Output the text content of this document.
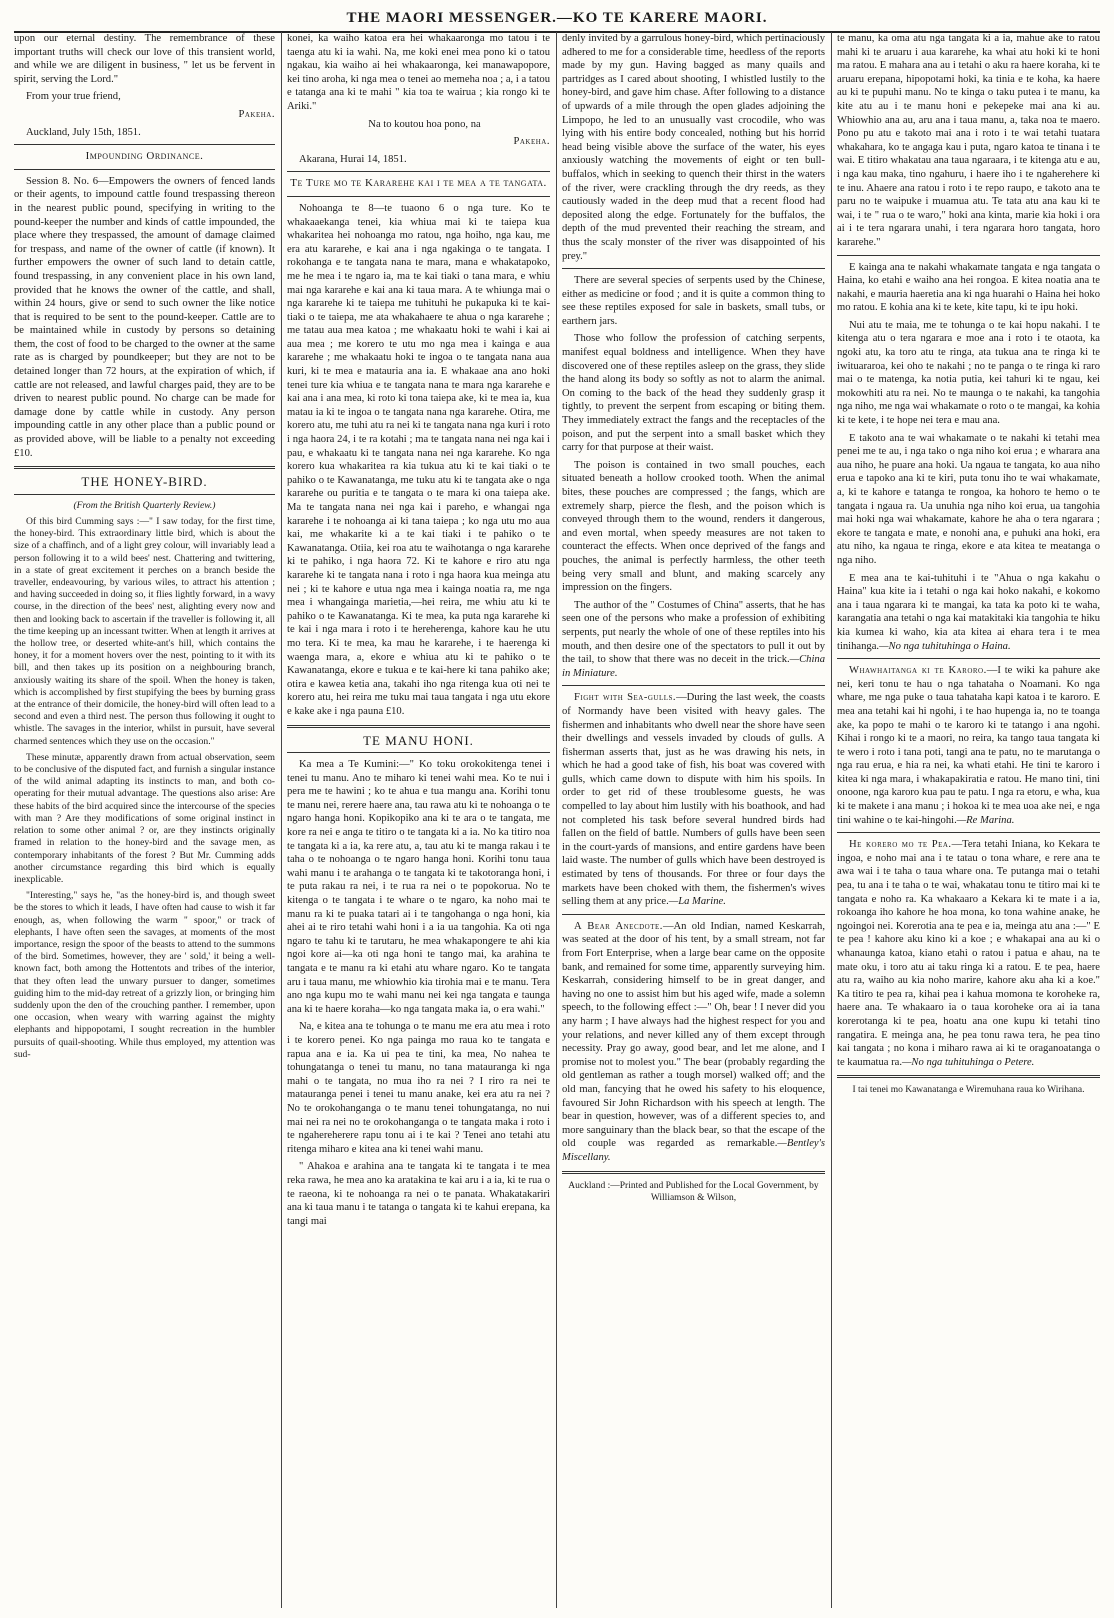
THE MAORI MESSENGER.—KO TE KARERE MAORI.

upon our eternal destiny. The remembrance of these important truths will check our love of this transient world, and while we are diligent in business, " let us be fervent in spirit, serving the Lord."

From your true friend,

Pakeha.

Auckland, July 15th, 1851.

Impounding Ordinance.

Session 8. No. 6—Empowers the owners of fenced lands or their agents, to impound cattle found trespassing thereon in the nearest public pound, specifying in writing to the pound-keeper the number and kinds of cattle impounded, the place where they trespassed, the amount of damage claimed for trespass, and name of the owner of cattle (if known). It further empowers the owner of such land to detain cattle, found trespassing, in any convenient place in his own land, provided that he knows the owner of the cattle, and shall, within 24 hours, give or send to such owner the like notice that is required to be sent to the pound-keeper. Cattle are to be maintained while in custody by persons so detaining them, the cost of food to be charged to the owner at the same rate as is charged by poundkeeper; but they are not to be detained longer than 72 hours, at the expiration of which, if cattle are not released, and lawful charges paid, they are to be driven to nearest public pound. No charge can be made for damage done by cattle while in custody. Any person impounding cattle in any other place than a public pound or as provided above, will be liable to a penalty not exceeding £10.

THE HONEY-BIRD.

(From the British Quarterly Review.)

Of this bird Cumming says :—" I saw today, for the first time, the honey-bird. This extraordinary little bird, which is about the size of a chaffinch, and of a light grey colour, will invariably lead a person following it to a wild bees' nest. Chattering and twittering, in a state of great excitement it perches on a branch beside the traveller, endeavouring, by various wiles, to attract his attention ; and having succeeded in doing so, it flies lightly forward, in a wavy course, in the direction of the bees' nest, alighting every now and then and looking back to ascertain if the traveller is following it, all the time keeping up an incessant twitter. When at length it arrives at the hollow tree, or deserted white-ant's hill, which contains the honey, it for a moment hovers over the nest, pointing to it with its bill, and then takes up its position on a neighbouring branch, anxiously waiting its share of the spoil. When the honey is taken, which is accomplished by first stupifying the bees by burning grass at the entrance of their domicile, the honey-bird will often lead to a second and even a third nest. The person thus following it ought to whistle. The savages in the interior, whilst in pursuit, have several charmed sentences which they use on the occasion."

These minutæ, apparently drawn from actual observation, seem to be conclusive of the disputed fact, and furnish a singular instance of the wild animal adapting its instincts to man, and both co-operating for their mutual advantage. The questions also arise: Are these habits of the bird acquired since the intercourse of the species with man ? Are they modifications of some original instinct in relation to some other animal ? or, are they instincts originally framed in relation to the honey-bird and the savage men, as contemporary inhabitants of the forest ? But Mr. Cumming adds another circumstance regarding this bird which is equally inexplicable.

"Interesting," says he, "as the honey-bird is, and though sweet be the stores to which it leads, I have often had cause to wish it far enough, as, when following the warm " spoor," or track of elephants, I have often seen the savages, at moments of the most importance, resign the spoor of the beasts to attend to the summons of the bird. Sometimes, however, they are ' sold,' it being a well-known fact, both among the Hottentots and tribes of the interior, that they often lead the unwary pursuer to danger, sometimes guiding him to the mid-day retreat of a grizzly lion, or bringing him suddenly upon the den of the crouching panther. I remember, upon one occasion, when weary with warring against the mighty elephants and hippopotami, I sought recreation in the humbler pursuits of quail-shooting. While thus employed, my attention was sud-

konei, ka waiho katoa era hei whakaaronga mo tatou i te taenga atu ki ia wahi. Na, me koki enei mea pono ki o tatou ngakau, kia waiho ai hei whakaaronga, kei manawapopore, kei tino aroha, ki nga mea o tenei ao memeha noa ; a, i a tatou e tatanga ana ki te mahi " kia toa te wairua ; kia rongo ki te Ariki."

Na to koutou hoa pono, na

Pakeha.

Akarana, Hurai 14, 1851.

Te Ture mo te Kararehe kai i te mea a te tangata.

Nohoanga te 8—te tuaono 6 o nga ture. Ko te whakaaekanga tenei, kia whiua mai ki te taiepa kua whakaritea hei nohoanga mo ratou, nga hoiho, nga kau, me era atu kararehe, e kai ana i nga ngakinga o te tangata. I rokohanga e te tangata nana te mara, mana e whakatapoko, me he mea i te ngaro ia, ma te kai tiaki o tana mara, e whiu mai nga kararehe e kai ana ki taua mara. A te whiunga mai o nga kararehe ki te taiepa me tuhituhi he pukapuka ki te kai-tiaki o te taiepa, me ata whakahaere te ahua o nga kararehe ; me tatau aua mea katoa ; me whakaatu hoki te wahi i kai ai aua mea ; me korero te utu mo nga mea i kainga e aua kararehe ; me whakaatu hoki te ingoa o te tangata nana aua kuri, ki te mea e matauria ana ia. E whakaae ana ano hoki tenei ture kia whiua e te tangata nana te mara nga kararehe e kai ana i ana mea, ki roto ki tona taiepa ake, ki te mea ia, kua matau ia ki te ingoa o te tangata nana nga kararehe. Otira, me korero atu, me tuhi atu ra nei ki te tangata nana nga kuri i roto i nga haora 24, i te ra kotahi ; ma te tangata nana nei nga kai i pau, e whakaatu ki te tangata nana nei nga kararehe. Ko nga korero kua whakaritea ra kia tukua atu ki te kai tiaki o te pahiko o te Kawanatanga, me tuku atu ki te tangata ake o nga kararehe ou puritia e te tangata o te mara ki ona taiepa ake. Ma te tangata nana nei nga kai i pareho, e whangai nga kararehe i te nohoanga ai ki tana taiepa ; ko nga utu mo aua kai, me whakarite ki a te kai tiaki i te pahiko o te Kawanatanga. Otiia, kei roa atu te waihotanga o nga kararehe ki te pahiko, i nga haora 72. Ki te kahore e riro atu nga kararehe ki te tangata nana i roto i nga haora kua meinga atu nei ; ki te kahore e utua nga mea i kainga noatia ra, me nga mea i whangainga marietia,—hei reira, me whiu atu ki te pahiko o te Kawanatanga. Ki te mea, ka puta nga kararehe ki te kai i nga mara i roto i te hereherenga, kahore kau he utu mo tera. Ki te mea, ka mau he kararehe, i te haerenga ki waenga mara, a, ekore e whiua atu ki te pahiko o te Kawanatanga, ekore e tukua e te kai-here ki tana pahiko ake; otira e kawea ketia ana, takahi iho nga ritenga kua oti nei te korero atu, hei reira me tuku mai taua tangata i nga utu ekore e kake ake i nga pauna £10.

TE MANU HONI.

Ka mea a Te Kumini:—" Ko toku orokokitenga tenei i tenei tu manu. Ano te miharo ki tenei wahi mea. Ko te nui i pera me te hawini ; ko te ahua e tua mangu ana. Korihi tonu te manu nei, rerere haere ana, tau rawa atu ki te nohoanga o te ngaro hanga honi. Kopikopiko ana ki te ara o te tangata, me kore ra nei e anga te titiro o te tangata ki a ia. No ka titiro noa te tangata ki a ia, ka rere atu, a, tau atu ki te manga rakau i te taha o te nohoanga o te ngaro hanga honi. Korihi tonu taua wahi manu i te arahanga o te tangata ki te takotoranga honi, i te puta rakau ra nei, i te rua ra nei o te popokorua. No te kitenga o te tangata i te whare o te ngaro, ka noho mai te manu ra ki te puaka tatari ai i te tangohanga o nga honi, kia ahei ai te riro tetahi wahi honi i a ia ua tangohia. Ka oti nga ngaro te tahu ki te tarutaru, he mea whakapongere te ahi kia ngoi kore ai—ka oti nga honi te tango mai, ka arahina te tangata e te manu ra ki etahi atu whare ngaro. Ko te tangata aru i taua manu, me whiowhio kia tirohia mai e te manu. Tera ano nga kupu mo te wahi manu nei kei nga tangata e taunga ana ki te haere koraha—ko nga tangata maka ia, o era wahi."

Na, e kitea ana te tohunga o te manu me era atu mea i roto i te korero penei. Ko nga painga mo raua ko te tangata e rapua ana e ia. Ka ui pea te tini, ka mea, No nahea te tohungatanga o tenei tu manu, no tana matauranga ki nga mahi o te tangata, no mua iho ra nei ? I riro ra nei te matauranga penei i tenei tu manu anake, kei era atu ra nei ? No te orokohanganga o te manu tenei tohungatanga, no nui mai nei ra nei no te orokohanganga o te tangata maka i roto i te ngahereherere rapu tonu ai i te kai ? Tenei ano tetahi atu ritenga miharo e kitea ana ki tenei wahi manu.

" Ahakoa e arahina ana te tangata ki te tangata i te mea reka rawa, he mea ano ka aratakina te kai aru i a ia, ki te rua o te raeona, ki te nohoanga ra nei o te panata. Whakatakariri ana ki taua manu i te tatanga o tangata ki te kahui erepana, ka tangi mai

denly invited by a garrulous honey-bird, which pertinaciously adhered to me for a considerable time, heedless of the reports made by my gun. Having bagged as many quails and partridges as I cared about shooting, I whistled lustily to the honey-bird, and gave him chase. After following to a distance of upwards of a mile through the open glades adjoining the Limpopo, he led to an unusually vast crocodile, who was lying with his entire body concealed, nothing but his horrid head being visible above the surface of the water, his eyes anxiously watching the movements of eight or ten bull-buffalos, which in seeking to quench their thirst in the waters of the river, were crackling through the dry reeds, as they cautiously waded in the deep mud that a recent flood had deposited along the edge. Fortunately for the buffalos, the depth of the mud prevented their reaching the stream, and thus the scaly monster of the river was disappointed of his prey."

There are several species of serpents used by the Chinese, either as medicine or food ; and it is quite a common thing to see these reptiles exposed for sale in baskets, small tubs, or earthern jars.

Those who follow the profession of catching serpents, manifest equal boldness and intelligence. When they have discovered one of these reptiles asleep on the grass, they slide the hand along its body so softly as not to alarm the animal. On coming to the back of the head they suddenly grasp it tightly, to prevent the serpent from escaping or biting them. They immediately extract the fangs and the receptacles of the poison, and put the serpent into a small basket which they carry for that purpose at their waist.

The poison is contained in two small pouches, each situated beneath a hollow crooked tooth. When the animal bites, these pouches are compressed ; the fangs, which are extremely sharp, pierce the flesh, and the poison which is conveyed through them to the wound, renders it dangerous, and even mortal, when speedy measures are not taken to counteract the effects. When once deprived of the fangs and pouches, the animal is perfectly harmless, the other teeth being very small and blunt, and making scarcely any impression on the fingers.

The author of the " Costumes of China" asserts, that he has seen one of the persons who make a profession of exhibiting serpents, put nearly the whole of one of these reptiles into his mouth, and then desire one of the spectators to pull it out by the tail, to show that there was no deceit in the trick.—China in Miniature.

Fight with Sea-gulls.—During the last week, the coasts of Normandy have been visited with heavy gales. The fishermen and inhabitants who dwell near the shore have seen their dwellings and vessels invaded by clouds of gulls. A fisherman asserts that, just as he was drawing his nets, in which he had a good take of fish, his boat was covered with gulls, which came down to dispute with him his spoils. In order to get rid of these troublesome guests, he was compelled to lay about him lustily with his boathook, and had not completed his task before several hundred birds had fallen on the field of battle. Numbers of gulls have been seen in the court-yards of mansions, and entire gardens have been laid waste. The number of gulls which have been destroyed is estimated by tens of thousands. For three or four days the markets have been choked with them, the fishermen's wives selling them at any price.—La Marine.

A Bear Anecdote.—An old Indian, named Keskarrah, was seated at the door of his tent, by a small stream, not far from Fort Enterprise, when a large bear came on the opposite bank, and remained for some time, apparently surveying him. Keskarrah, considering himself to be in great danger, and having no one to assist him but his aged wife, made a solemn speech, to the following effect :—" Oh, bear ! I never did you any harm ; I have always had the highest respect for you and your relations, and never killed any of them except through necessity. Pray go away, good bear, and let me alone, and I promise not to molest you." The bear (probably regarding the old gentleman as rather a tough morsel) walked off; and the old man, fancying that he owed his safety to his eloquence, favoured Sir John Richardson with his speech at length. The bear in question, however, was of a different species to, and more sanguinary than the black bear, so that the escape of the old couple was regarded as remarkable.—Bentley's Miscellany.

Auckland :—Printed and Published for the Local Government, by Williamson & Wilson,

te manu, ka oma atu nga tangata ki a ia, mahue ake to ratou mahi ki te aruaru i aua kararehe, ka whai atu hoki ki te honi ma ratou. E mahara ana au i tetahi o aku ra haere koraha, ki te aruaru erepana, hipopotami hoki, ka tinia e te koha, ka haere au ki te pupuhi manu. No te kinga o taku putea i te manu, ka kite atu au i te manu honi e pekepeke mai ana ki au. Whiowhio ana au, aru ana i taua manu, a, taka noa te maero. Pono pu atu e takoto mai ana i roto i te wai tetahi tuatara whakahara, ko te angaga kau i puta, ngaro katoa te tinana i te wai. E titiro whakatau ana taua ngaraara, i te kitenga atu e au, i nga kau maka, tino ngahuru, i haere iho i te ngahereherе ki te inu. Ahaere ana ratou i roto i te repo raupo, e takoto ana te paru no te waipuke i muamua atu. Te tata atu ana kau ki te wai, i te " rua o te waro," hoki ana kinta, marie kia hoki i ora ai i te tera ngarara unahi, i tera ngarara horo tangata, horo kararehe."

E kainga ana te nakahi whakamate tangata e nga tangata o Haina, ko etahi e waiho ana hei rongoa. E kitea noatia ana te nakahi, e mauria haeretia ana ki nga huarahi o Haina hei hoko mo ratou. E kohia ana ki te kete, kite tapu, ki te ipu hoki.

Nui atu te maia, me te tohunga o te kai hopu nakahi. I te kitenga atu o tera ngarara e moe ana i roto i te otaota, ka ngoki atu, ka toro atu te ringa, ata tukua ana te ringa ki te iwituararoa, kei oho te nakahi ; no te panga o te ringa ki raro mai o te matenga, ka notia putia, kei tahuri ki te ngau, kei mokowhiti atu ra nei. No te maunga o te nakahi, ka tangohia nga niho, me nga wai whakamate o roto o te mangai, ka kohia ki te kete, i te hope nei tera e mau ana.

E takoto ana te wai whakamate o te nakahi ki tetahi mea penei me te au, i nga tako o nga niho koi erua ; e wharara ana aua niho, he puare ana hoki. Ua ngaua te tangata, ko aua niho erua e tapoko ana ki te kiri, puta tonu iho te wai whakamate, a, ki te kahore e tatanga te rongoa, ka hohoro te hemo o te tangata i ngaua ra. Ua unuhia nga niho koi erua, ua tangohia mai hoki nga wai whakamate, kahore he aha o tera ngarara ; ekore te tangata e mate, e nonohi ana, e puhuki ana hoki, era atu niho, ka ngaua te ringa, ekore e ata kitea te meatanga o nga niho.

E mea ana te kai-tuhituhi i te "Ahua o nga kakahu o Haina" kua kite ia i tetahi o nga kai hoko nakahi, e kokomo ana i taua ngarara ki te mangai, ka tata ka poto ki te waha, karangatia ana tetahi o nga kai matakitaki kia tangohia te hiku kia kumea ki waho, kia ata kitea ai ehara tera i te mea tinihanga.—No nga tuhituhinga o Haina.

Whawhaitanga ki te Karoro.—I te wiki ka pahure ake nei, keri tonu te hau o nga tahataha o Noamani. Ko nga whare, me nga puke o taua tahataha kapi katoa i te karoro. E mea ana tetahi kai hi ngohi, i te hao hupenga ia, no te toanga ake, ka popo te mahi o te karoro ki te tatango i ana ngohi. Kihai i rongo ki te a maori, no reira, ka tango taua tangata ki te wero i roto i tana poti, tangi ana te patu, no te marutanga o nga rau erua, e hia ra nei, ka whati etahi. He tini te karoro i kitea ki nga mara, i whakapakiratia e ratou. He mano tini, tini onoone, nga karoro kua pau te patu. I nga ra etoru, e wha, kua ki te makete i ana manu ; i hokoa ki te mea uoa ake nei, e nga tini wahine o te kai-hingohi.—Re Marina.

He korero mo te Pea.—Tera tetahi Iniana, ko Kekara te ingoa, e noho mai ana i te tatau o tona whare, e rere ana te awa wai i te taha o taua whare ona. Te putanga mai o tetahi pea, tu ana i te taha o te wai, whakatau tonu te titiro mai ki te tangata e noho ra. Ka whakaaro a Kekara ki te mate i a ia, rokoanga iho kahore he hoa mona, ko tona wahine anake, he ngoingoi nei. Korerotia ana te pea e ia, meinga atu ana :—" E te pea ! kahore aku kino ki a koe ; e whakapai ana au ki o whanaunga katoa, kiano etahi o ratou i patua e ahau, na te mate oku, i toro atu ai taku ringa ki a ratou. E te pea, haere atu ra, waiho au kia noho marire, kahore aku aha ki a koe." Ka titiro te pea ra, kihai pea i kahua momona te koroheke ra, haere ana. Te whakaaro ia o taua koroheke ora ai ia tana korerotanga ki te pea, hoatu ana one kupu ki tetahi tino rangatira. E meinga ana, he pea tonu rawa tera, he pea tino kai tangata ; no kona i miharo rawa ai ki te oraganoatanga o te kaumatua ra.—No nga tuhituhinga o Petere.

I tai tenei mo Kawanatanga e Wiremuhana raua ko Wirihana.
